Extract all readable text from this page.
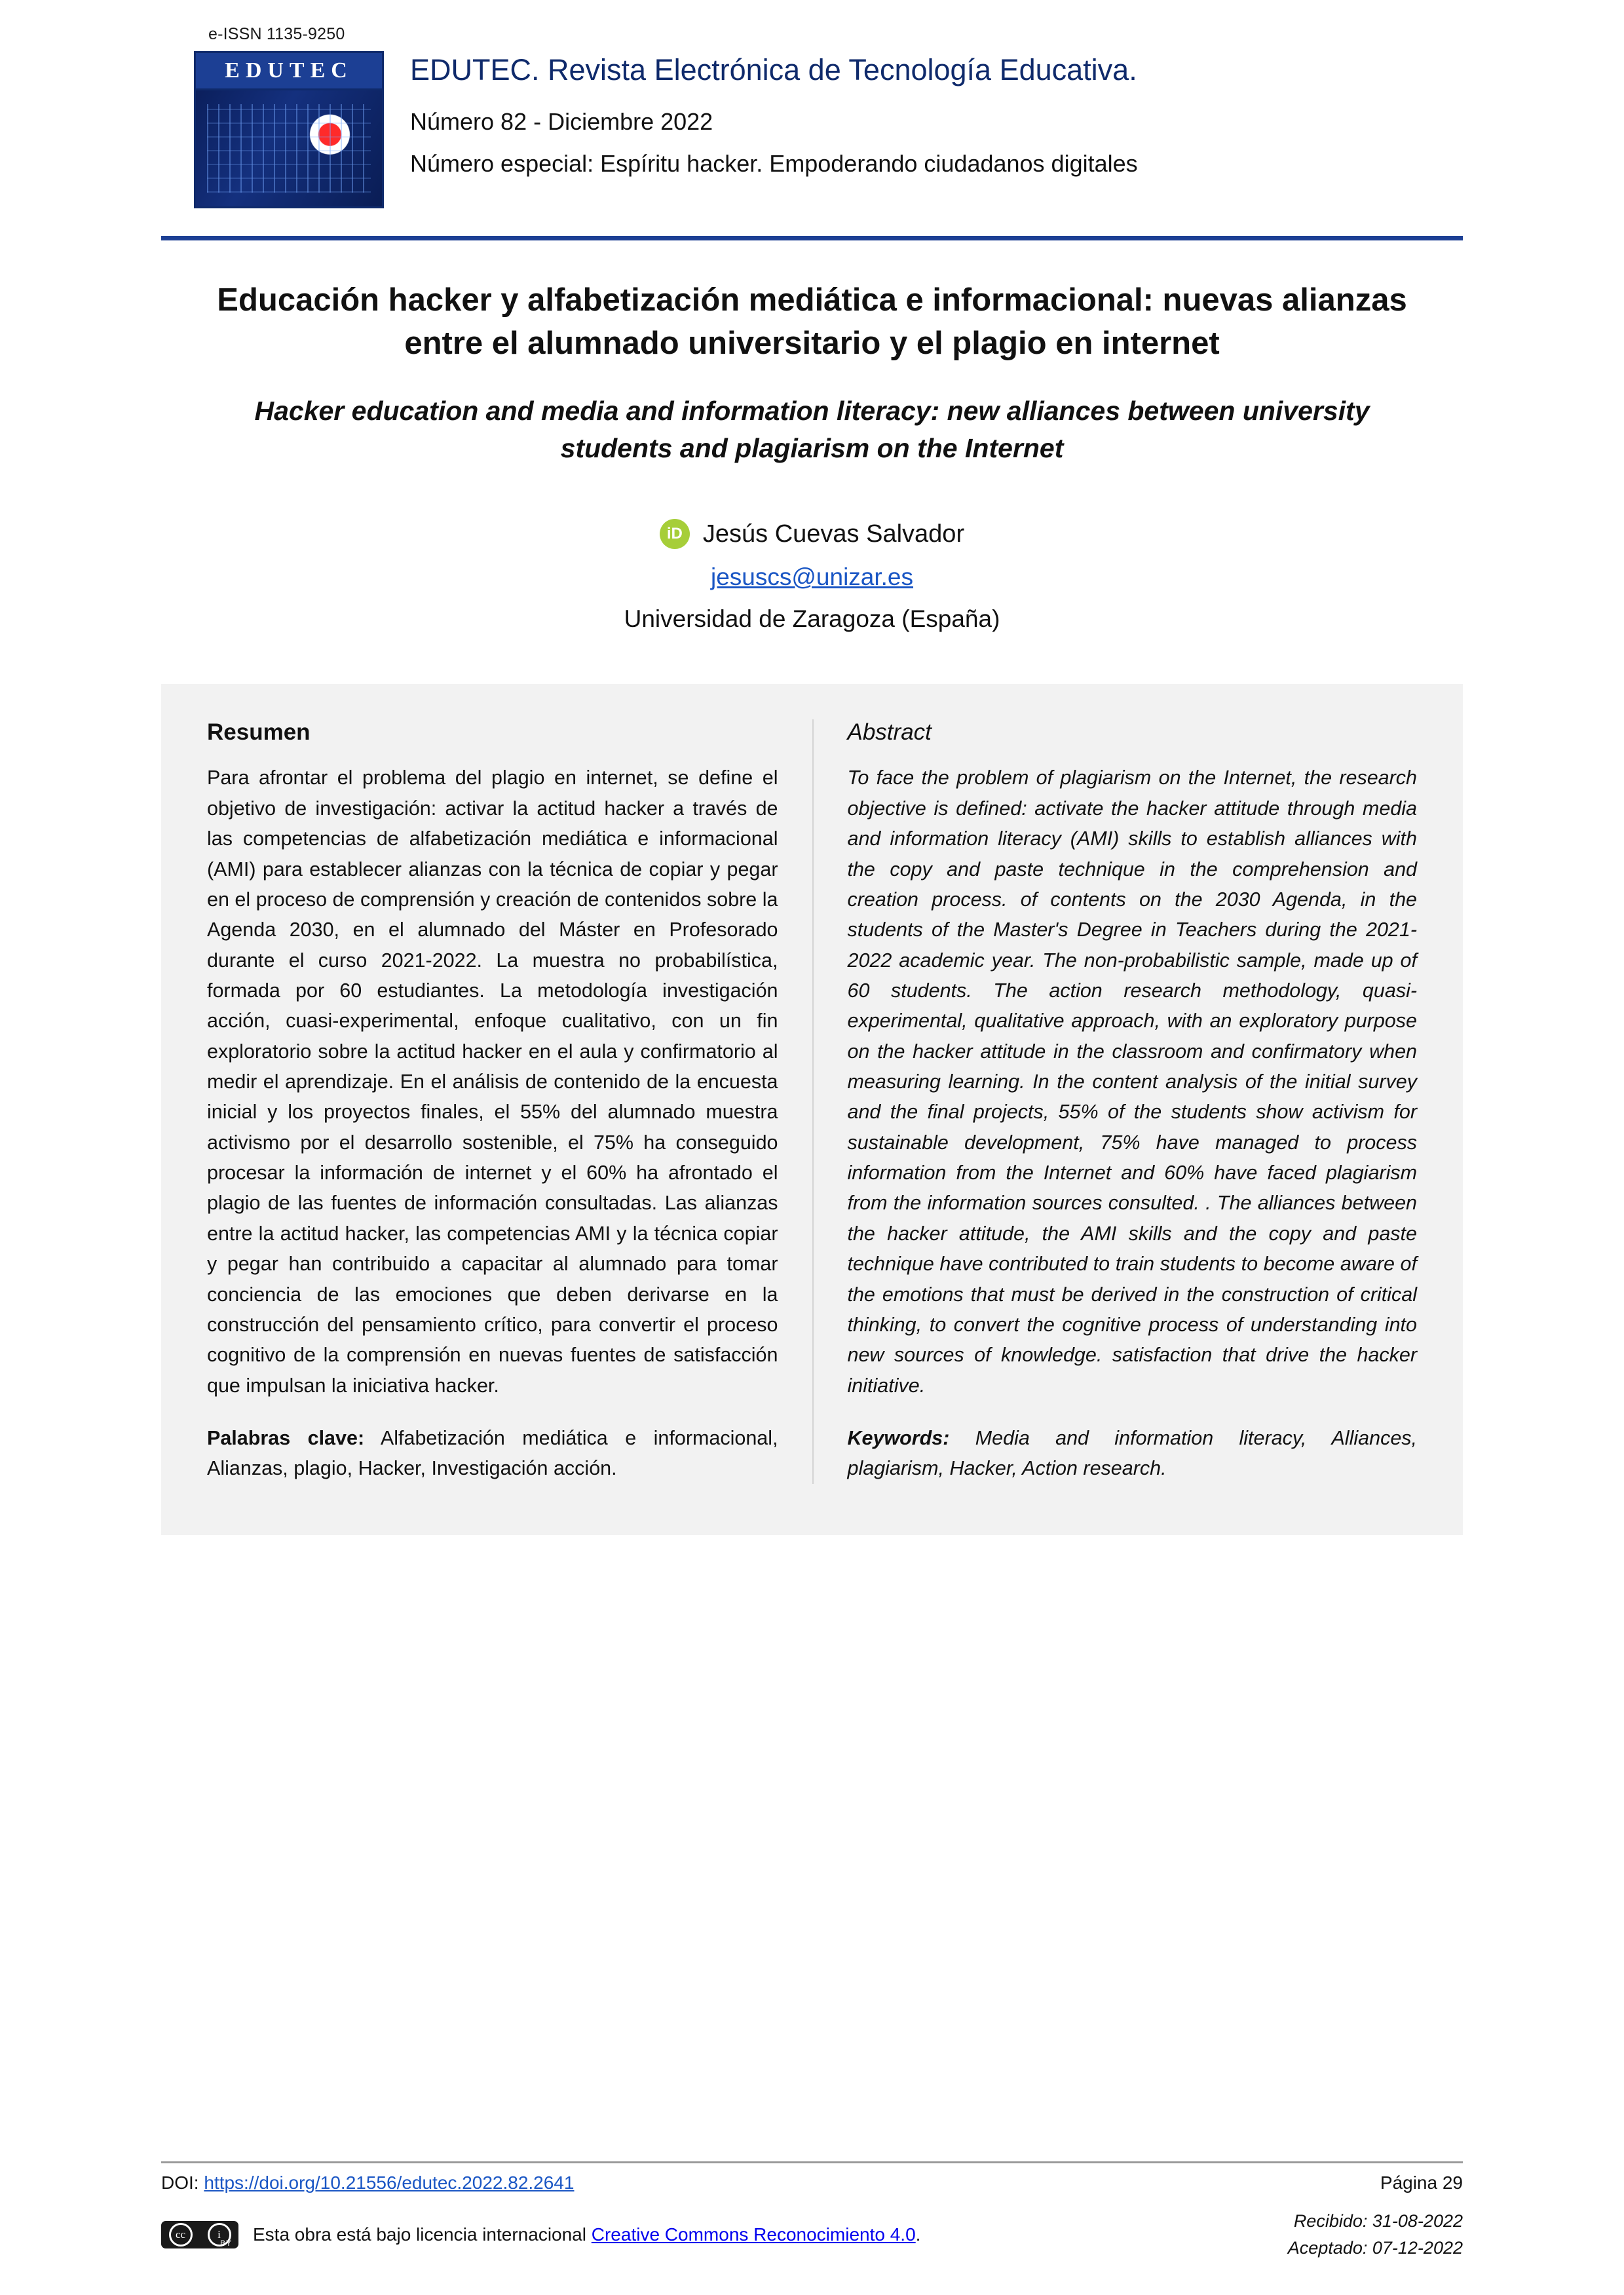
e-ISSN 1135-9250
EDUTEC	EDUTEC. Revista Electrónica de Tecnología Educativa.
Número 82 - Diciembre 2022
Número especial: Espíritu hacker. Empoderando ciudadanos digitales
Educación hacker y alfabetización mediática e informacional: nuevas alianzas entre el alumnado universitario y el plagio en internet
Hacker education and media and information literacy: new alliances between university students and plagiarism on the Internet
iD Jesús Cuevas Salvador
jesuscs@unizar.es
Universidad de Zaragoza (España)
Resumen

Para afrontar el problema del plagio en internet, se define el objetivo de investigación: activar la actitud hacker a través de las competencias de alfabetización mediática e informacional (AMI) para establecer alianzas con la técnica de copiar y pegar en el proceso de comprensión y creación de contenidos sobre la Agenda 2030, en el alumnado del Máster en Profesorado durante el curso 2021-2022. La muestra no probabilística, formada por 60 estudiantes. La metodología investigación acción, cuasi-experimental, enfoque cualitativo, con un fin exploratorio sobre la actitud hacker en el aula y confirmatorio al medir el aprendizaje. En el análisis de contenido de la encuesta inicial y los proyectos finales, el 55% del alumnado muestra activismo por el desarrollo sostenible, el 75% ha conseguido procesar la información de internet y el 60% ha afrontado el plagio de las fuentes de información consultadas. Las alianzas entre la actitud hacker, las competencias AMI y la técnica copiar y pegar han contribuido a capacitar al alumnado para tomar conciencia de las emociones que deben derivarse en la construcción del pensamiento crítico, para convertir el proceso cognitivo de la comprensión en nuevas fuentes de satisfacción que impulsan la iniciativa hacker.

Palabras clave: Alfabetización mediática e informacional, Alianzas, plagio, Hacker, Investigación acción.

Abstract

To face the problem of plagiarism on the Internet, the research objective is defined: activate the hacker attitude through media and information literacy (AMI) skills to establish alliances with the copy and paste technique in the comprehension and creation process. of contents on the 2030 Agenda, in the students of the Master's Degree in Teachers during the 2021-2022 academic year. The non-probabilistic sample, made up of 60 students. The action research methodology, quasi-experimental, qualitative approach, with an exploratory purpose on the hacker attitude in the classroom and confirmatory when measuring learning. In the content analysis of the initial survey and the final projects, 55% of the students show activism for sustainable development, 75% have managed to process information from the Internet and 60% have faced plagiarism from the information sources consulted. . The alliances between the hacker attitude, the AMI skills and the copy and paste technique have contributed to train students to become aware of the emotions that must be derived in the construction of critical thinking, to convert the cognitive process of understanding into new sources of knowledge. satisfaction that drive the hacker initiative.

Keywords: Media and information literacy, Alliances, plagiarism, Hacker, Action research.

DOI: https://doi.org/10.21556/edutec.2022.82.2641	Página 29
cc	i
BY Esta obra está bajo licencia internacional Creative Commons Reconocimiento 4.0.
Recibido: 31-08-2022
Aceptado: 07-12-2022
